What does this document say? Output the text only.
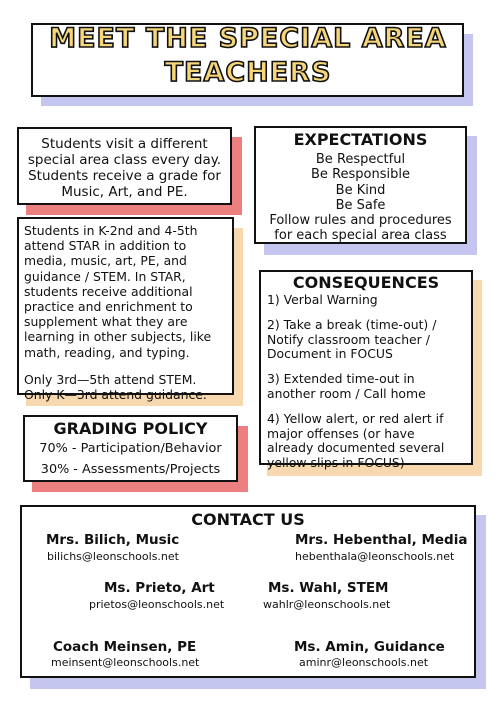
MEET THE SPECIAL AREA
TEACHERS
Students visit a different
special area class every day.
Students receive a grade for
Music, Art, and PE.
EXPECTATIONS
Be Respectful
Be Responsible
Be Kind
Be Safe
Follow rules and procedures
for each special area class
Students in K-2nd and 4-5th
attend STAR in addition to
media, music, art, PE, and
guidance / STEM. In STAR,
students receive additional
practice and enrichment to
supplement what they are
learning in other subjects, like
math, reading, and typing.
Only 3rd—5th attend STEM.
Only K—3rd attend guidance.
CONSEQUENCES
1) Verbal Warning
2) Take a break (time-out) /
Notify classroom teacher /
Document in FOCUS
3) Extended time-out in
another room / Call home
4) Yellow alert, or red alert if
major offenses (or have
already documented several
yellow slips in FOCUS)
GRADING POLICY
70% - Participation/Behavior
30% - Assessments/Projects
CONTACT US
Mrs. Bilich, Music
bilichs@leonschools.net
Mrs. Hebenthal, Media
hebenthala@leonschools.net
Ms. Prieto, Art
prietos@leonschools.net
Ms. Wahl, STEM
wahlr@leonschools.net
Coach Meinsen, PE
meinsent@leonschools.net
Ms. Amin, Guidance
aminr@leonschools.net
